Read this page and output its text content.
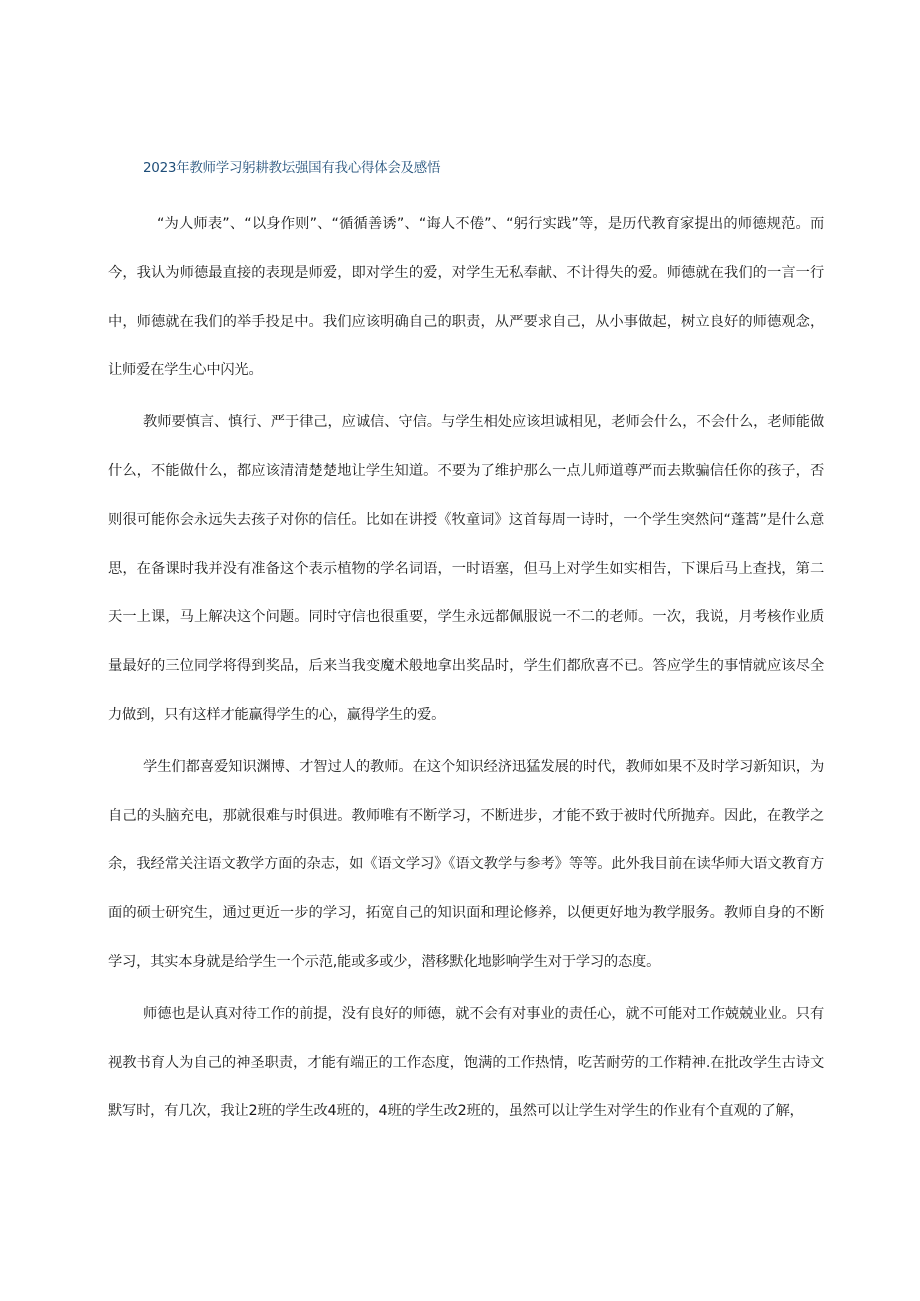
2023年教师学习躬耕教坛强国有我心得体会及感悟

“为人师表”、“以身作则”、“循循善诱”、“诲人不倦”、“躬行实践”等，是历代教育家提出的师德规范。而今，我认为师德最直接的表现是师爱，即对学生的爱，对学生无私奉献、不计得失的爱。师德就在我们的一言一行中，师德就在我们的举手投足中。我们应该明确自己的职责，从严要求自己，从小事做起，树立良好的师德观念，让师爱在学生心中闪光。

教师要慎言、慎行、严于律己，应诚信、守信。与学生相处应该坦诚相见，老师会什么，不会什么，老师能做什么，不能做什么，都应该清清楚楚地让学生知道。不要为了维护那么一点儿师道尊严而去欺骗信任你的孩子，否则很可能你会永远失去孩子对你的信任。比如在讲授《牧童词》这首每周一诗时，一个学生突然问“蓬蒿”是什么意思，在备课时我并没有准备这个表示植物的学名词语，一时语塞，但马上对学生如实相告，下课后马上查找，第二天一上课，马上解决这个问题。同时守信也很重要，学生永远都佩服说一不二的老师。一次，我说，月考核作业质量最好的三位同学将得到奖品，后来当我变魔术般地拿出奖品时，学生们都欣喜不已。答应学生的事情就应该尽全力做到，只有这样才能赢得学生的心，赢得学生的爱。

学生们都喜爱知识渊博、才智过人的教师。在这个知识经济迅猛发展的时代，教师如果不及时学习新知识，为自己的头脑充电，那就很难与时俱进。教师唯有不断学习，不断进步，才能不致于被时代所抛弃。因此，在教学之余，我经常关注语文教学方面的杂志，如《语文学习》《语文教学与参考》等等。此外我目前在读华师大语文教育方面的硕士研究生，通过更近一步的学习，拓宽自己的知识面和理论修养，以便更好地为教学服务。教师自身的不断学习，其实本身就是给学生一个示范,能或多或少，潜移默化地影响学生对于学习的态度。

师德也是认真对待工作的前提，没有良好的师德，就不会有对事业的责任心，就不可能对工作兢兢业业。只有视教书育人为自己的神圣职责，才能有端正的工作态度，饱满的工作热情，吃苦耐劳的工作精神.在批改学生古诗文默写时，有几次，我让2班的学生改4班的，4班的学生改2班的，虽然可以让学生对学生的作业有个直观的了解，
